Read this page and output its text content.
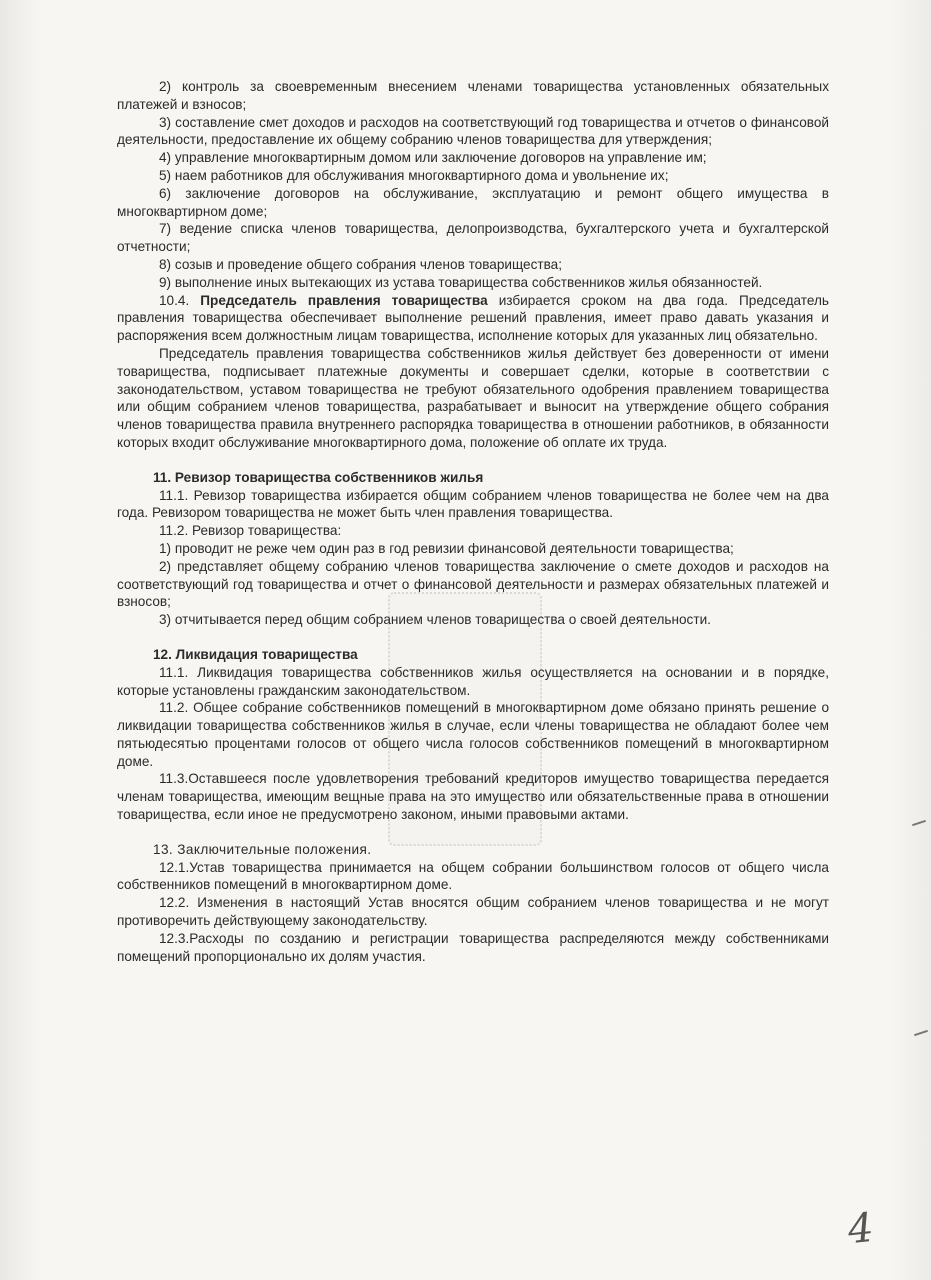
2) контроль за своевременным внесением членами товарищества установленных обязательных платежей и взносов;

3) составление смет доходов и расходов на соответствующий год товарищества и отчетов о финансовой деятельности, предоставление их общему собранию членов товарищества для утверждения;

4) управление многоквартирным домом или заключение договоров на управление им;

5) наем работников для обслуживания многоквартирного дома и увольнение их;

6) заключение договоров на обслуживание, эксплуатацию и ремонт общего имущества в многоквартирном доме;

7) ведение списка членов товарищества, делопроизводства, бухгалтерского учета и бухгалтерской отчетности;

8) созыв и проведение общего собрания членов товарищества;

9) выполнение иных вытекающих из устава товарищества собственников жилья обязанностей.

10.4. Председатель правления товарищества избирается сроком на два года. Председатель правления товарищества обеспечивает выполнение решений правления, имеет право давать указания и распоряжения всем должностным лицам товарищества, исполнение которых для указанных лиц обязательно.

Председатель правления товарищества собственников жилья действует без доверенности от имени товарищества, подписывает платежные документы и совершает сделки, которые в соответствии с законодательством, уставом товарищества не требуют обязательного одобрения правлением товарищества или общим собранием членов товарищества, разрабатывает и выносит на утверждение общего собрания членов товарищества правила внутреннего распорядка товарищества в отношении работников, в обязанности которых входит обслуживание многоквартирного дома, положение об оплате их труда.

11. Ревизор товарищества собственников жилья

11.1. Ревизор товарищества избирается общим собранием членов товарищества не более чем на два года. Ревизором товарищества не может быть член правления товарищества.

11.2. Ревизор товарищества:

1) проводит не реже чем один раз в год ревизии финансовой деятельности товарищества;

2) представляет общему собранию членов товарищества заключение о смете доходов и расходов на соответствующий год товарищества и отчет о финансовой деятельности и размерах обязательных платежей и взносов;

3) отчитывается перед общим собранием членов товарищества о своей деятельности.

12. Ликвидация товарищества

11.1. Ликвидация товарищества собственников жилья осуществляется на основании и в порядке, которые установлены гражданским законодательством.

11.2. Общее собрание собственников помещений в многоквартирном доме обязано принять решение о ликвидации товарищества собственников жилья в случае, если члены товарищества не обладают более чем пятьюдесятью процентами голосов от общего числа голосов собственников помещений в многоквартирном доме.

11.3.Оставшееся после удовлетворения требований кредиторов имущество товарищества передается членам товарищества, имеющим вещные права на это имущество или обязательственные права в отношении товарищества, если иное не предусмотрено законом, иными правовыми актами.

13. Заключительные положения.

12.1.Устав товарищества принимается на общем собрании большинством голосов от общего числа собственников помещений в многоквартирном доме.

12.2. Изменения в настоящий Устав вносятся общим собранием членов товарищества и не могут противоречить действующему законодательству.

12.3.Расходы по созданию и регистрации товарищества распределяются между собственниками помещений пропорционально их долям участия.

4
